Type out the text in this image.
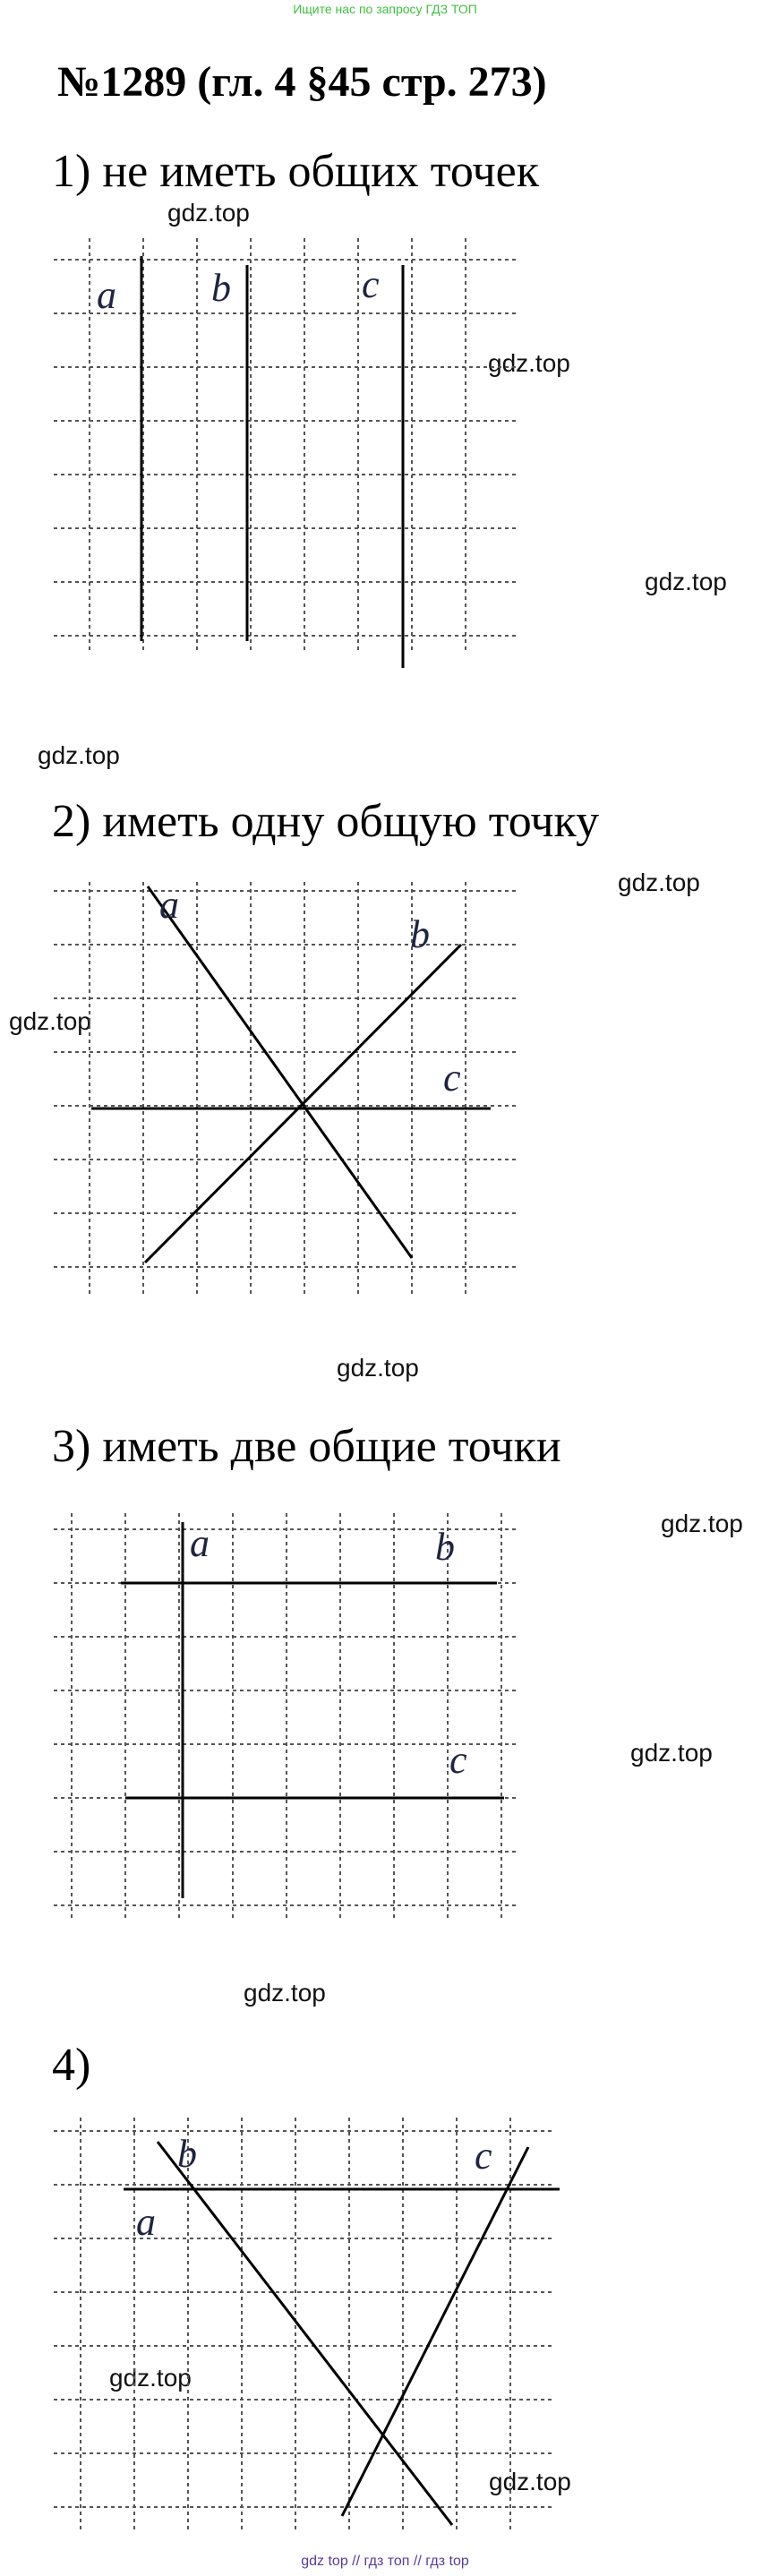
Ищите нас по запросу ГДЗ ТОП
№1289 (гл. 4 §45 стр. 273)
1) не иметь общих точек
gdz.top
gdz.top
gdz.top
gdz.top
a b	c
2) иметь одну общую точку
gdz.top
gdz.top
gdz.top
a
b
c
3) иметь две общие точки
gdz.top
gdz.top
gdz.top
a	b
c
4)
gdz.top
gdz.top
a
b	c
gdz top // гдз топ // гдз top
